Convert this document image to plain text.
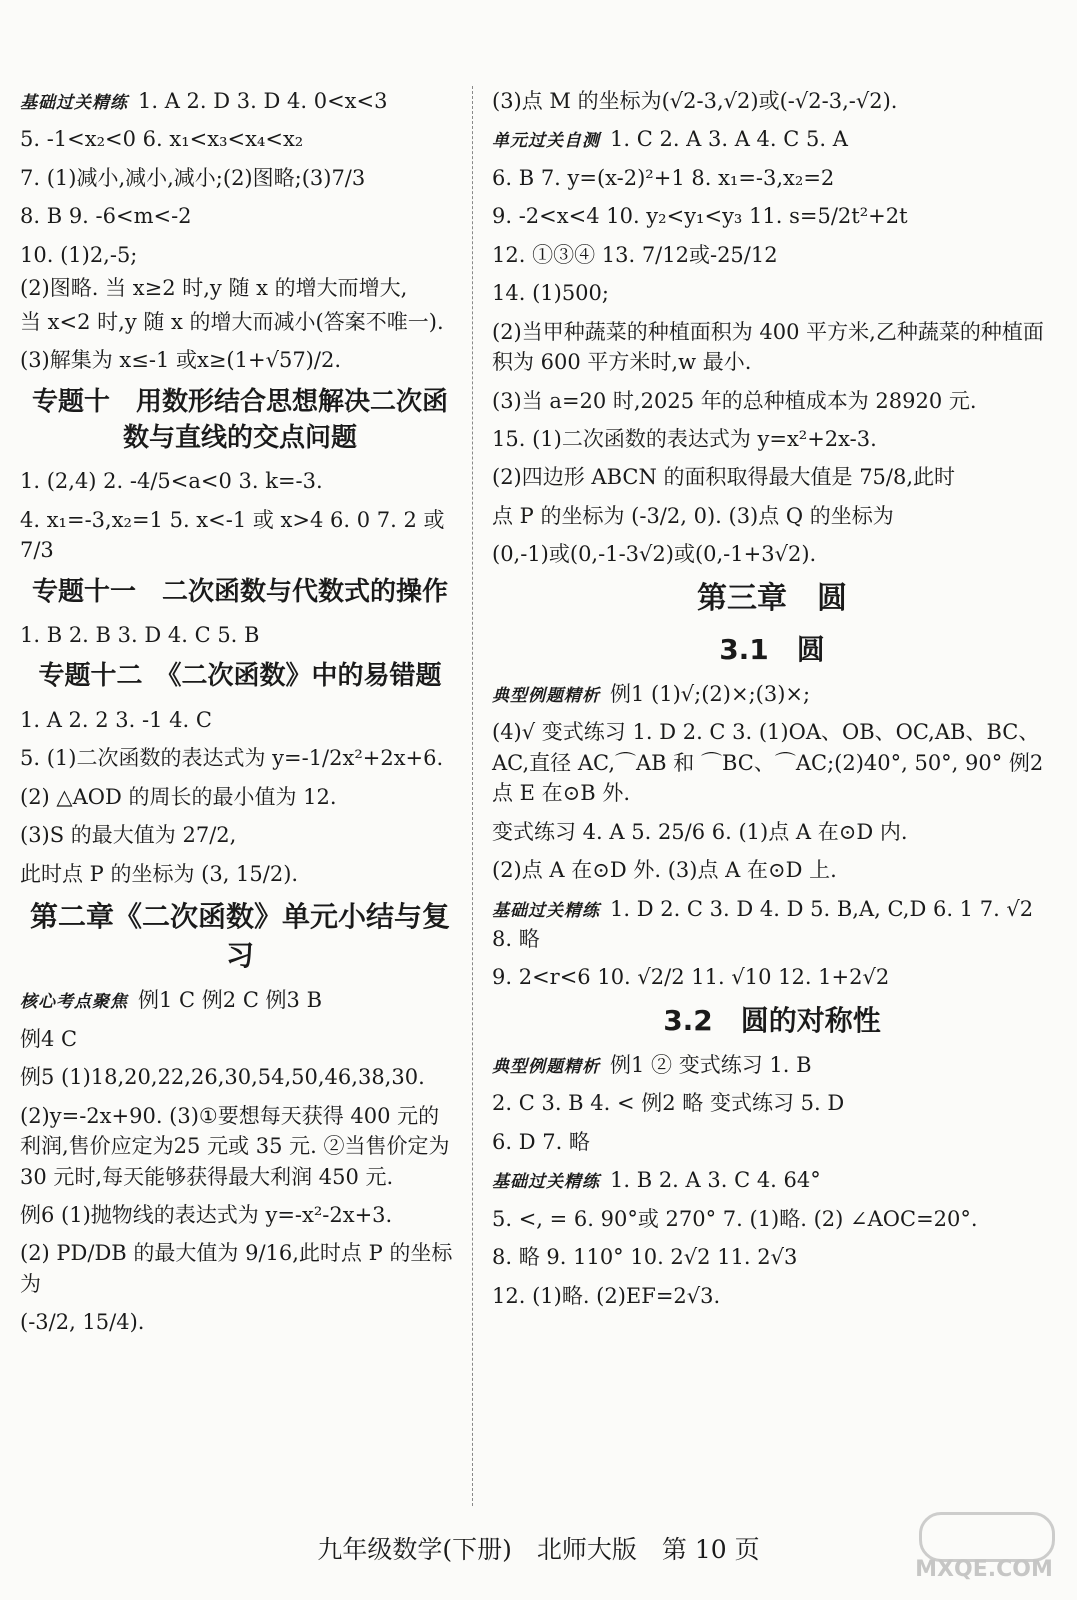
基础过关精练 1. A 2. D 3. D 4. 0<x<3

5. -1<x₂<0 6. x₁<x₃<x₄<x₂

7. (1)减小,减小,减小;(2)图略;(3)7/3

8. B 9. -6<m<-2

10. (1)2,-5;

(2)图略. 当 x≥2 时,y 随 x 的增大而增大,

当 x<2 时,y 随 x 的增大而减小(答案不唯一).

(3)解集为 x≤-1 或x≥(1+√57)/2.

专题十　用数形结合思想解决二次函数与直线的交点问题

1. (2,4) 2. -4/5<a<0 3. k=-3.

4. x₁=-3,x₂=1 5. x<-1 或 x>4 6. 0 7. 2 或 7/3

专题十一　二次函数与代数式的操作

1. B 2. B 3. D 4. C 5. B

专题十二　《二次函数》中的易错题

1. A 2. 2 3. -1 4. C

5. (1)二次函数的表达式为 y=-1/2x²+2x+6.

(2) △AOD 的周长的最小值为 12.

(3)S 的最大值为 27/2,

此时点 P 的坐标为 (3, 15/2).

第二章《二次函数》单元小结与复习

核心考点聚焦 例1 C 例2 C 例3 B

例4 C

例5 (1)18,20,22,26,30,54,50,46,38,30.

(2)y=-2x+90. (3)①要想每天获得 400 元的利润,售价应定为25 元或 35 元. ②当售价定为 30 元时,每天能够获得最大利润 450 元.

例6 (1)抛物线的表达式为 y=-x²-2x+3.

(2) PD/DB 的最大值为 9/16,此时点 P 的坐标为

(-3/2, 15/4).

(3)点 M 的坐标为(√2-3,√2)或(-√2-3,-√2).

单元过关自测 1. C 2. A 3. A 4. C 5. A

6. B 7. y=(x-2)²+1 8. x₁=-3,x₂=2

9. -2<x<4 10. y₂<y₁<y₃ 11. s=5/2t²+2t

12. ①③④ 13. 7/12或-25/12

14. (1)500;

(2)当甲种蔬菜的种植面积为 400 平方米,乙种蔬菜的种植面积为 600 平方米时,w 最小.

(3)当 a=20 时,2025 年的总种植成本为 28920 元.

15. (1)二次函数的表达式为 y=x²+2x-3.

(2)四边形 ABCN 的面积取得最大值是 75/8,此时

点 P 的坐标为 (-3/2, 0). (3)点 Q 的坐标为

(0,-1)或(0,-1-3√2)或(0,-1+3√2).

第三章　圆
3.1　圆

典型例题精析 例1 (1)√;(2)×;(3)×;

(4)√ 变式练习 1. D 2. C 3. (1)OA、OB、OC,AB、BC、AC,直径 AC,⌒AB 和 ⌒BC、⌒AC;(2)40°, 50°, 90° 例2 点 E 在⊙B 外.

变式练习 4. A 5. 25/6 6. (1)点 A 在⊙D 内.

(2)点 A 在⊙D 外. (3)点 A 在⊙D 上.

基础过关精练 1. D 2. C 3. D 4. D 5. B,A, C,D 6. 1 7. √2 8. 略

9. 2<r<6 10. √2/2 11. √10 12. 1+2√2

3.2　圆的对称性

典型例题精析 例1 ② 变式练习 1. B

2. C 3. B 4. < 例2 略 变式练习 5. D

6. D 7. 略

基础过关精练 1. B 2. A 3. C 4. 64°

5. <, = 6. 90°或 270° 7. (1)略. (2) ∠AOC=20°.

8. 略 9. 110° 10. 2√2 11. 2√3

12. (1)略. (2)EF=2√3.

九年级数学(下册)　北师大版　第 10 页
MXQE.COM
